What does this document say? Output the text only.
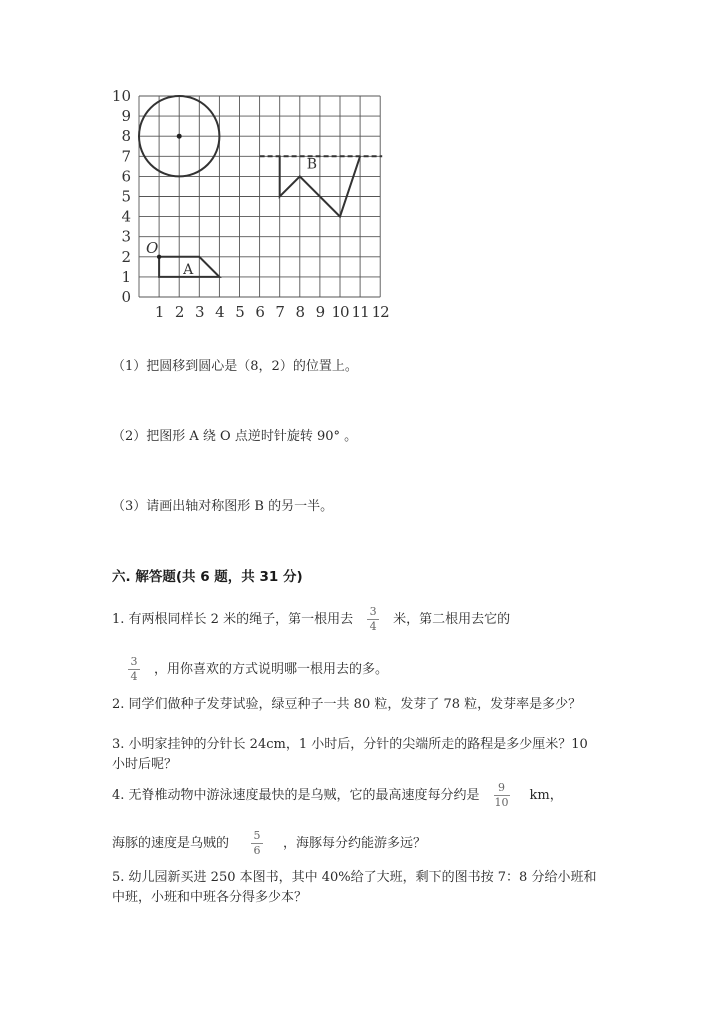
0
1
2
3
4
5
6
7
8
9
10
1 2 3 4 5 6 7 8 9 10 11 12
A
O
B
（1）把圆移到圆心是（8，2）的位置上。
（2）把图形 A 绕 O 点逆时针旋转 90° 。
（3）请画出轴对称图形 B 的另一半。
六. 解答题(共 6 题，共 31 分)
1. 有两根同样长 2 米的绳子，第一根用去 $\frac{3}{4}$ 米，第二根用去它的
$\frac{3}{4}$ ，用你喜欢的方式说明哪一根用去的多。
2. 同学们做种子发芽试验，绿豆种子一共 80 粒，发芽了 78 粒，发芽率是多少？
3. 小明家挂钟的分针长 24cm，1 小时后，分针的尖端所走的路程是多少厘米？10 小时后呢？
4. 无脊椎动物中游泳速度最快的是乌贼，它的最高速度每分约是 $\frac{9}{10}$ km，
海豚的速度是乌贼的 $\frac{5}{6}$ ，海豚每分约能游多远？
5. 幼儿园新买进 250 本图书，其中 40%给了大班，剩下的图书按 7：8 分给小班和中班，小班和中班各分得多少本？
